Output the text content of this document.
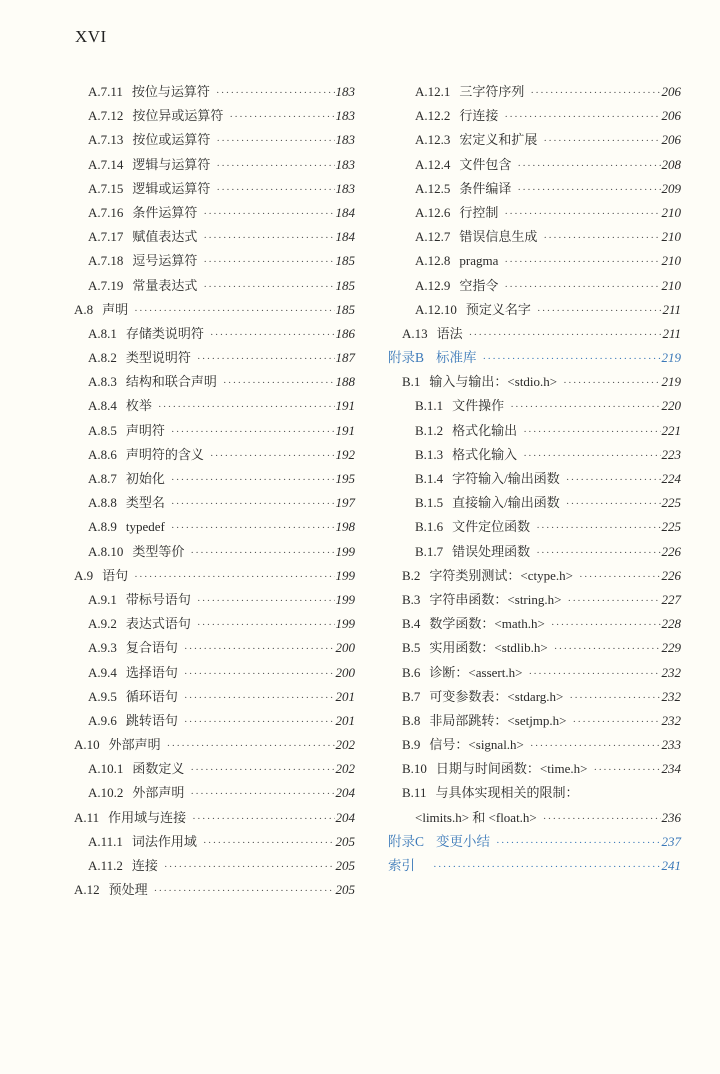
XVI
A.7.11 按位与运算符 ·····	183
A.7.12 按位异或运算符 ·····	183
A.7.13 按位或运算符 ·····	183
A.7.14 逻辑与运算符 ·····	183
A.7.15 逻辑或运算符 ·····	183
A.7.16 条件运算符 ·····	184
A.7.17 赋值表达式 ·····	184
A.7.18 逗号运算符 ·····	185
A.7.19 常量表达式 ·····	185
A.8 声明 ·····	185
A.8.1 存储类说明符 ·····	186
A.8.2 类型说明符 ·····	187
A.8.3 结构和联合声明 ·····	188
A.8.4 枚举 ·····	191
A.8.5 声明符 ·····	191
A.8.6 声明符的含义 ·····	192
A.8.7 初始化 ·····	195
A.8.8 类型名 ·····	197
A.8.9 typedef ·····	198
A.8.10 类型等价 ·····	199
A.9 语句 ·····	199
A.9.1 带标号语句 ·····	199
A.9.2 表达式语句 ·····	199
A.9.3 复合语句 ·····	200
A.9.4 选择语句 ·····	200
A.9.5 循环语句 ·····	201
A.9.6 跳转语句 ·····	201
A.10 外部声明 ·····	202
A.10.1 函数定义 ·····	202
A.10.2 外部声明 ·····	204
A.11 作用域与连接 ·····	204
A.11.1 词法作用域 ·····	205
A.11.2 连接 ·····	205
A.12 预处理 ·····	205
A.12.1 三字符序列 ·····	206
A.12.2 行连接 ·····	206
A.12.3 宏定义和扩展 ·····	206
A.12.4 文件包含 ·····	208
A.12.5 条件编译 ·····	209
A.12.6 行控制 ·····	210
A.12.7 错误信息生成 ·····	210
A.12.8 pragma ·····	210
A.12.9 空指令 ·····	210
A.12.10 预定义名字 ·····	211
A.13 语法 ·····	211
附录B 标准库 ·····	219
B.1 输入与输出：<stdio.h> ·····	219
B.1.1 文件操作 ·····	220
B.1.2 格式化输出 ·····	221
B.1.3 格式化输入 ·····	223
B.1.4 字符输入/输出函数 ·····	224
B.1.5 直接输入/输出函数 ·····	225
B.1.6 文件定位函数 ·····	225
B.1.7 错误处理函数 ·····	226
B.2 字符类别测试：<ctype.h> ·····	226
B.3 字符串函数：<string.h> ·····	227
B.4 数学函数：<math.h> ·····	228
B.5 实用函数：<stdlib.h> ·····	229
B.6 诊断：<assert.h> ·····	232
B.7 可变参数表：<stdarg.h> ·····	232
B.8 非局部跳转：<setjmp.h> ·····	232
B.9 信号：<signal.h> ·····	233
B.10 日期与时间函数：<time.h> ·····	234
B.11 与具体实现相关的限制：
<limits.h> 和 <float.h> ·····	236
附录C 变更小结 ·····	237
索引 ·····	241
